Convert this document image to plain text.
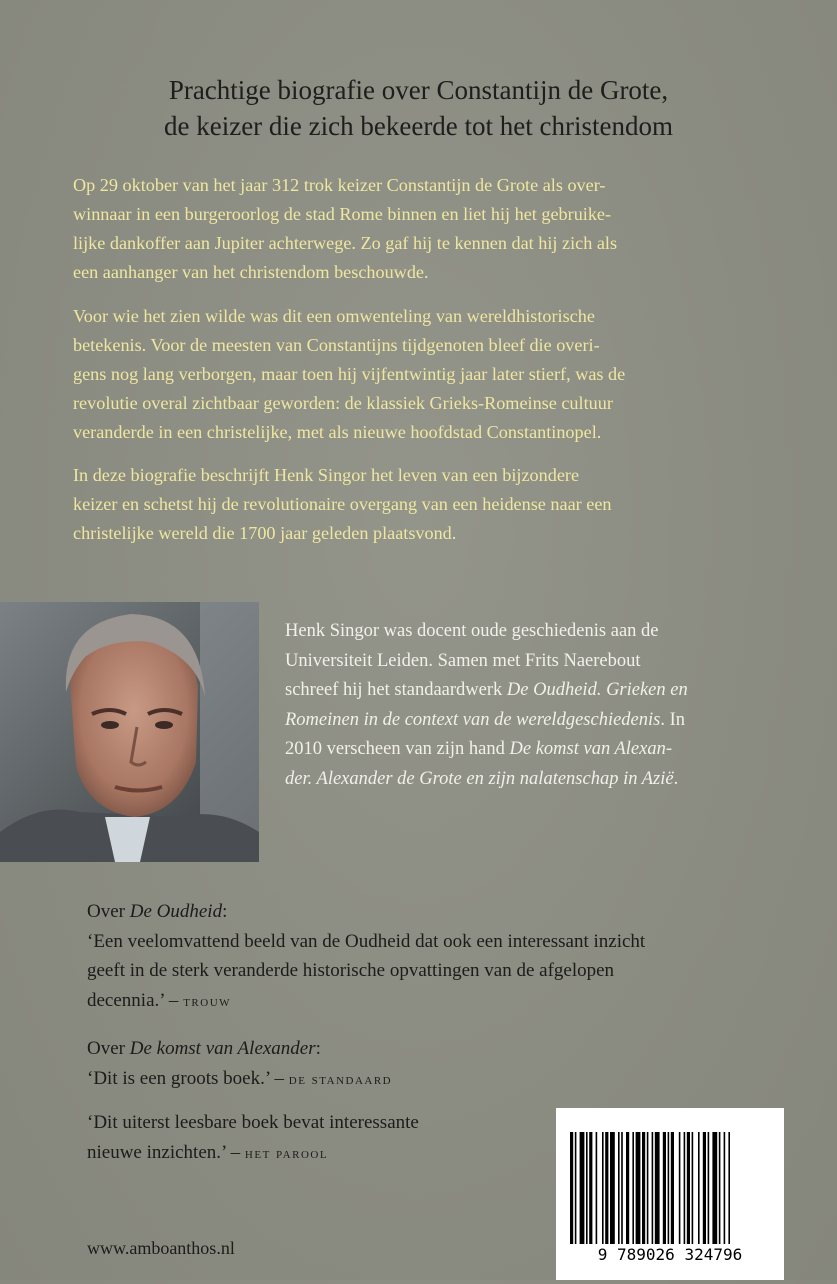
Prachtige biografie over Constantijn de Grote,
de keizer die zich bekeerde tot het christendom
Op 29 oktober van het jaar 312 trok keizer Constantijn de Grote als over-
winnaar in een burgeroorlog de stad Rome binnen en liet hij het gebruike-
lijke dankoffer aan Jupiter achterwege. Zo gaf hij te kennen dat hij zich als
een aanhanger van het christendom beschouwde.
Voor wie het zien wilde was dit een omwenteling van wereldhistorische
betekenis. Voor de meesten van Constantijns tijdgenoten bleef die overi-
gens nog lang verborgen, maar toen hij vijfentwintig jaar later stierf, was de
revolutie overal zichtbaar geworden: de klassiek Grieks-Romeinse cultuur
veranderde in een christelijke, met als nieuwe hoofdstad Constantinopel.
In deze biografie beschrijft Henk Singor het leven van een bijzondere
keizer en schetst hij de revolutionaire overgang van een heidense naar een
christelijke wereld die 1700 jaar geleden plaatsvond.
Henk Singor was docent oude geschiedenis aan de
Universiteit Leiden. Samen met Frits Naerebout
schreef hij het standaardwerk De Oudheid. Grieken en
Romeinen in de context van de wereldgeschiedenis. In
2010 verscheen van zijn hand De komst van Alexan-
der. Alexander de Grote en zijn nalatenschap in Azië.
Over De Oudheid:
‘Een veelomvattend beeld van de Oudheid dat ook een interessant inzicht
geeft in de sterk veranderde historische opvattingen van de afgelopen
decennia.’ – trouw
Over De komst van Alexander:
‘Dit is een groots boek.’ – de standaard
‘Dit uiterst leesbare boek bevat interessante
nieuwe inzichten.’ – het parool
9 789026 324796
www.amboanthos.nl
